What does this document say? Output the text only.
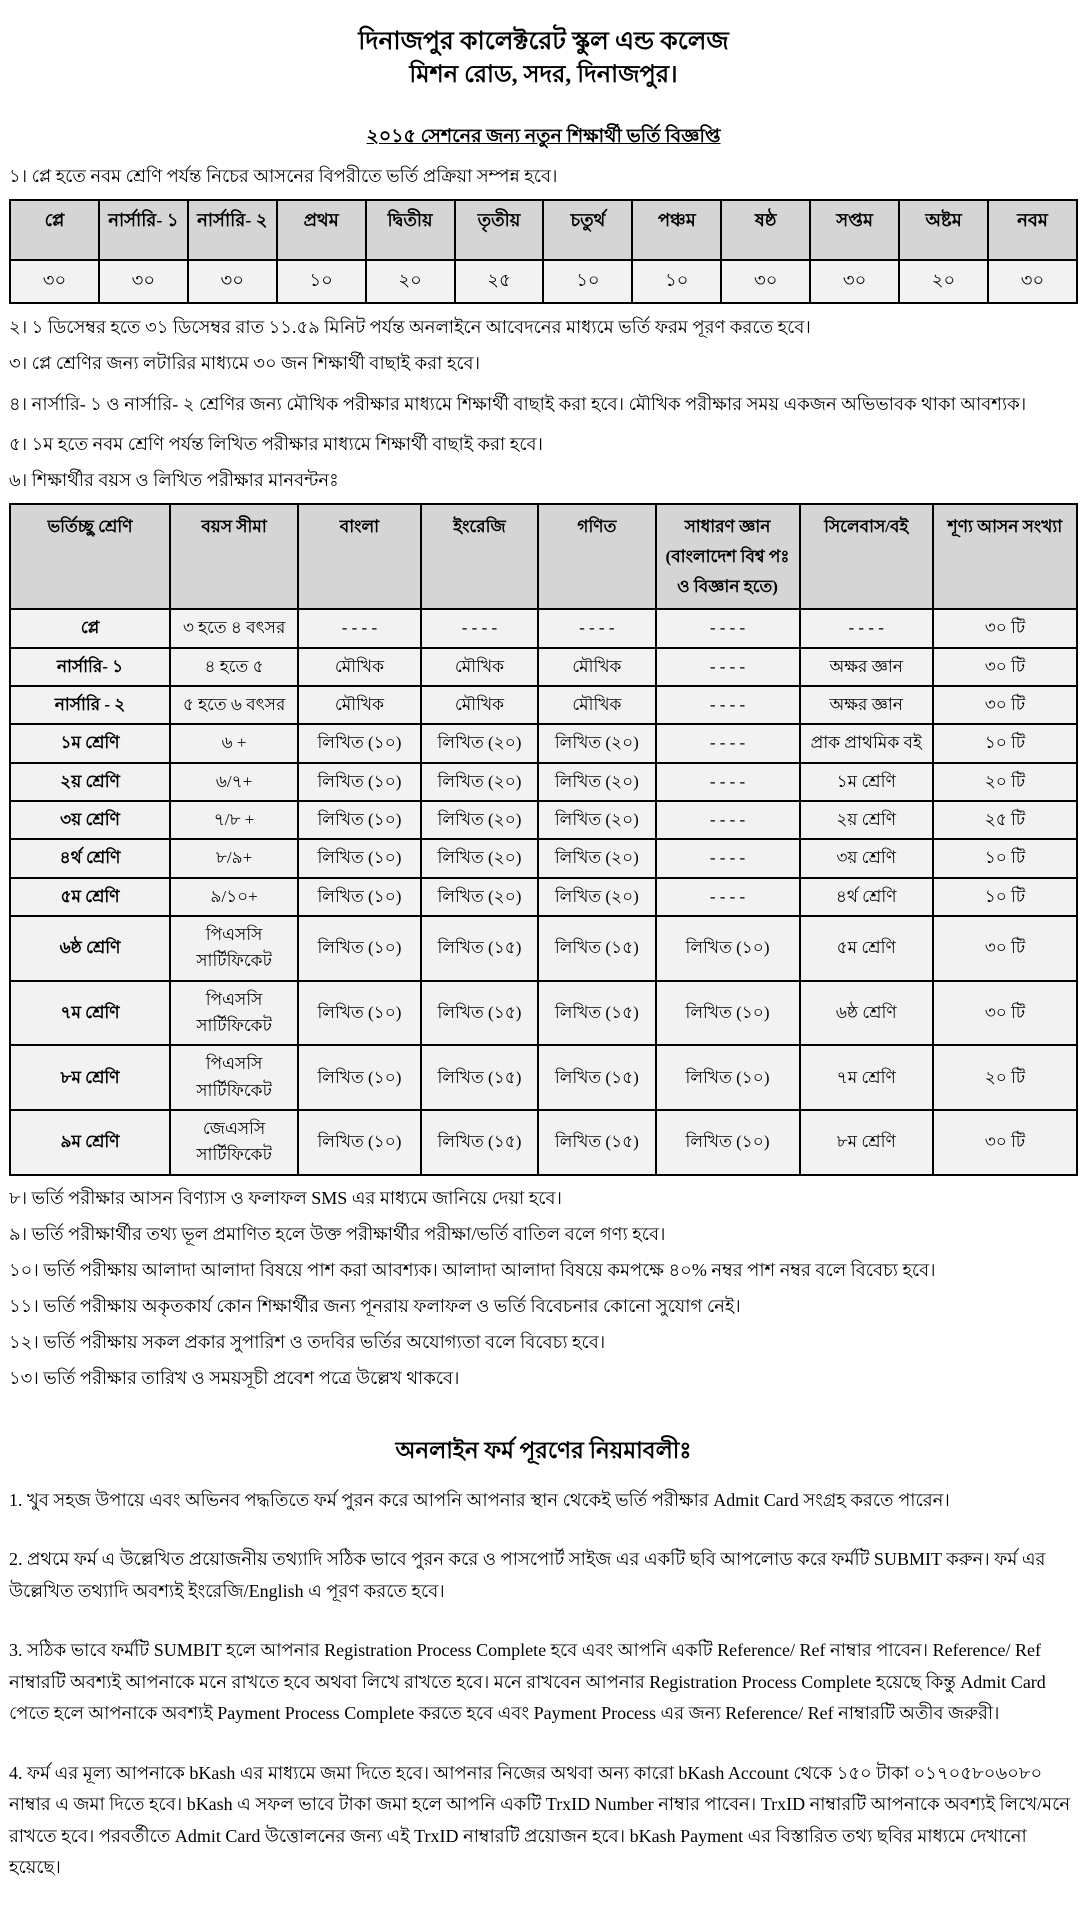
দিনাজপুর কালেক্টরেট স্কুল এন্ড কলেজ
মিশন রোড, সদর, দিনাজপুর।
২০১৫ সেশনের জন্য নতুন শিক্ষার্থী ভর্তি বিজ্ঞপ্তি

১। প্লে হতে নবম শ্রেণি পর্যন্ত নিচের আসনের বিপরীতে ভর্তি প্রক্রিয়া সম্পন্ন হবে।

প্লে	নার্সারি- ১	নার্সারি- ২	প্রথম	দ্বিতীয়	তৃতীয়	চতুর্থ	পঞ্চম	ষষ্ঠ	সপ্তম	অষ্টম	নবম
৩০	৩০	৩০	১০	২০	২৫	১০	১০	৩০	৩০	২০	৩০

২। ১ ডিসেম্বর হতে ৩১ ডিসেম্বর রাত ১১.৫৯ মিনিট পর্যন্ত অনলাইনে আবেদনের মাধ্যমে ভর্তি ফরম পূরণ করতে হবে।

৩। প্লে শ্রেণির জন্য লটারির মাধ্যমে ৩০ জন শিক্ষার্থী বাছাই করা হবে।

৪। নার্সারি- ১ ও নার্সারি- ২ শ্রেণির জন্য মৌখিক পরীক্ষার মাধ্যমে শিক্ষার্থী বাছাই করা হবে। মৌখিক পরীক্ষার সময় একজন অভিভাবক থাকা আবশ্যক।

৫। ১ম হতে নবম শ্রেণি পর্যন্ত লিখিত পরীক্ষার মাধ্যমে শিক্ষার্থী বাছাই করা হবে।

৬। শিক্ষার্থীর বয়স ও লিখিত পরীক্ষার মানবন্টনঃ

ভর্তিচ্ছু শ্রেণি	বয়স সীমা	বাংলা	ইংরেজি	গণিত	সাধারণ জ্ঞান (বাংলাদেশ বিশ্ব পঃ ও বিজ্ঞান হতে)	সিলেবাস/বই	শূণ্য আসন সংখ্যা
প্লে	৩ হতে ৪ বৎসর	- - - -	- - - -	- - - -	- - - -	- - - -	৩০ টি
নার্সারি- ১	৪ হতে ৫	মৌখিক	মৌখিক	মৌখিক	- - - -	অক্ষর জ্ঞান	৩০ টি
নার্সারি - ২	৫ হতে ৬ বৎসর	মৌখিক	মৌখিক	মৌখিক	- - - -	অক্ষর জ্ঞান	৩০ টি
১ম শ্রেণি	৬ +	লিখিত (১০)	লিখিত (২০)	লিখিত (২০)	- - - -	প্রাক প্রাথমিক বই	১০ টি
২য় শ্রেণি	৬/৭+	লিখিত (১০)	লিখিত (২০)	লিখিত (২০)	- - - -	১ম শ্রেণি	২০ টি
৩য় শ্রেণি	৭/৮ +	লিখিত (১০)	লিখিত (২০)	লিখিত (২০)	- - - -	২য় শ্রেণি	২৫ টি
৪র্থ শ্রেণি	৮/৯+	লিখিত (১০)	লিখিত (২০)	লিখিত (২০)	- - - -	৩য় শ্রেণি	১০ টি
৫ম শ্রেণি	৯/১০+	লিখিত (১০)	লিখিত (২০)	লিখিত (২০)	- - - -	৪র্থ শ্রেণি	১০ টি
৬ষ্ঠ শ্রেণি	পিএসসি সার্টিফিকেট	লিখিত (১০)	লিখিত (১৫)	লিখিত (১৫)	লিখিত (১০)	৫ম শ্রেণি	৩০ টি
৭ম শ্রেণি	পিএসসি সার্টিফিকেট	লিখিত (১০)	লিখিত (১৫)	লিখিত (১৫)	লিখিত (১০)	৬ষ্ঠ শ্রেণি	৩০ টি
৮ম শ্রেণি	পিএসসি সার্টিফিকেট	লিখিত (১০)	লিখিত (১৫)	লিখিত (১৫)	লিখিত (১০)	৭ম শ্রেণি	২০ টি
৯ম শ্রেণি	জেএসসি সার্টিফিকেট	লিখিত (১০)	লিখিত (১৫)	লিখিত (১৫)	লিখিত (১০)	৮ম শ্রেণি	৩০ টি

৮। ভর্তি পরীক্ষার আসন বিণ্যাস ও ফলাফল SMS এর মাধ্যমে জানিয়ে দেয়া হবে।

৯। ভর্তি পরীক্ষার্থীর তথ্য ভূল প্রমাণিত হলে উক্ত পরীক্ষার্থীর পরীক্ষা/ভর্তি বাতিল বলে গণ্য হবে।

১০। ভর্তি পরীক্ষায় আলাদা আলাদা বিষয়ে পাশ করা আবশ্যক। আলাদা আলাদা বিষয়ে কমপক্ষে ৪০% নম্বর পাশ নম্বর বলে বিবেচ্য হবে।

১১। ভর্তি পরীক্ষায় অকৃতকার্য কোন শিক্ষার্থীর জন্য পূনরায় ফলাফল ও ভর্তি বিবেচনার কোনো সুযোগ নেই।

১২। ভর্তি পরীক্ষায় সকল প্রকার সুপারিশ ও তদবির ভর্তির অযোগ্যতা বলে বিবেচ্য হবে।

১৩। ভর্তি পরীক্ষার তারিখ ও সময়সূচী প্রবেশ পত্রে উল্লেখ থাকবে।

অনলাইন ফর্ম পূরণের নিয়মাবলীঃ

1. খুব সহজ উপায়ে এবং অভিনব পদ্ধতিতে ফর্ম পুরন করে আপনি আপনার স্থান থেকেই ভর্তি পরীক্ষার Admit Card সংগ্রহ করতে পারেন।

2. প্রথমে ফর্ম এ উল্লেখিত প্রয়োজনীয় তথ্যাদি সঠিক ভাবে পুরন করে ও পাসপোর্ট সাইজ এর একটি ছবি আপলোড করে ফর্মটি SUBMIT করুন। ফর্ম এর উল্লেখিত তথ্যাদি অবশ্যই ইংরেজি/English এ পূরণ করতে হবে।

3. সঠিক ভাবে ফর্মটি SUMBIT হলে আপনার Registration Process Complete হবে এবং আপনি একটি Reference/ Ref নাম্বার পাবেন। Reference/ Ref নাম্বারটি অবশ্যই আপনাকে মনে রাখতে হবে অথবা লিখে রাখতে হবে। মনে রাখবেন আপনার Registration Process Complete হয়েছে কিন্তু Admit Card পেতে হলে আপনাকে অবশ্যই Payment Process Complete করতে হবে এবং Payment Process এর জন্য Reference/ Ref নাম্বারটি অতীব জরুরী।

4. ফর্ম এর মূল্য আপনাকে bKash এর মাধ্যমে জমা দিতে হবে। আপনার নিজের অথবা অন্য কারো bKash Account থেকে ১৫০ টাকা ০১৭০৫৮০৬০৮০ নাম্বার এ জমা দিতে হবে। bKash এ সফল ভাবে টাকা জমা হলে আপনি একটি TrxID Number নাম্বার পাবেন। TrxID নাম্বারটি আপনাকে অবশ্যই লিখে/মনে রাখতে হবে। পরবর্তীতে Admit Card উত্তোলনের জন্য এই TrxID নাম্বারটি প্রয়োজন হবে। bKash Payment এর বিস্তারিত তথ্য ছবির মাধ্যমে দেখানো হয়েছে।
